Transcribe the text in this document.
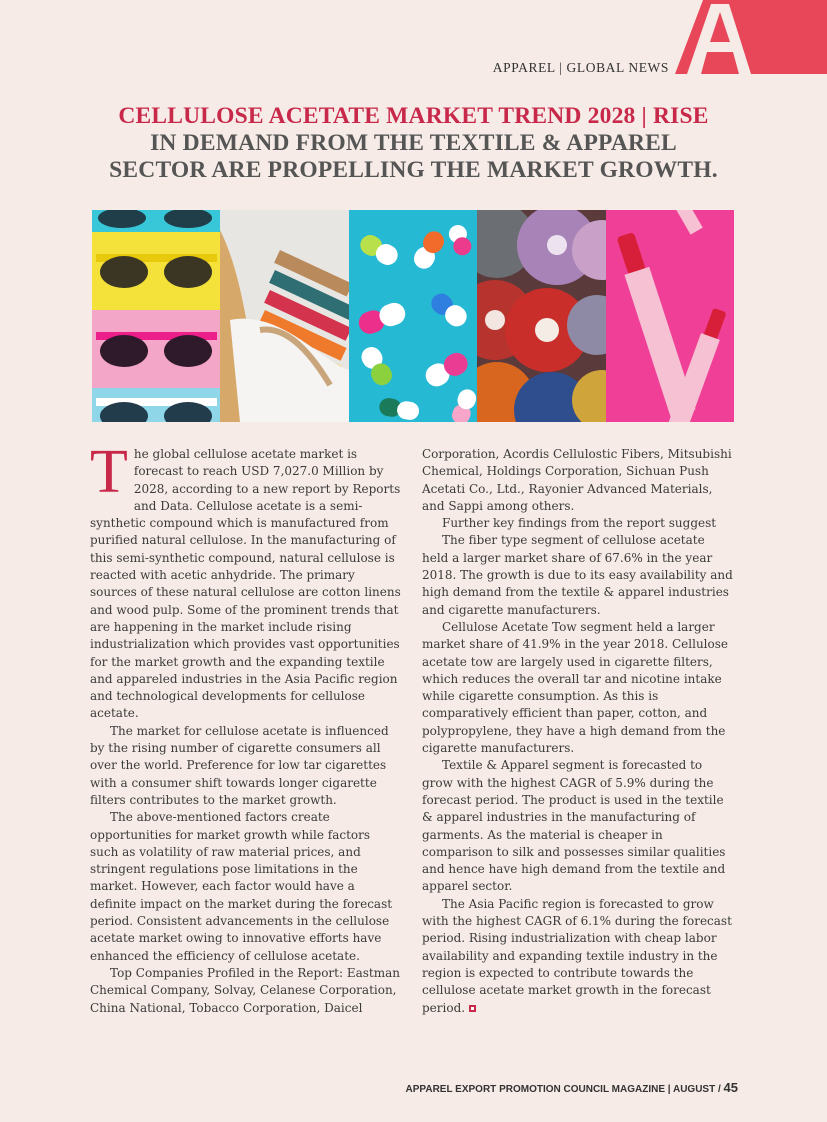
APPAREL | GLOBAL NEWS
CELLULOSE ACETATE MARKET TREND 2028 | RISE
IN DEMAND FROM THE TEXTILE & APPAREL
SECTOR ARE PROPELLING THE MARKET GROWTH.
T he global cellulose acetate market is forecast to reach USD 7,027.0 Million by 2028, according to a new report by Reports and Data. Cellulose acetate is a semi-synthetic compound which is manufactured from purified natural cellulose. In the manufacturing of this semi-synthetic compound, natural cellulose is reacted with acetic anhydride. The primary sources of these natural cellulose are cotton linens and wood pulp. Some of the prominent trends that are happening in the market include rising industrialization which provides vast opportunities for the market growth and the expanding textile and appareled industries in the Asia Pacific region and technological developments for cellulose acetate.

The market for cellulose acetate is influenced by the rising number of cigarette consumers all over the world. Preference for low tar cigarettes with a consumer shift towards longer cigarette filters contributes to the market growth.

The above-mentioned factors create opportunities for market growth while factors such as volatility of raw material prices, and stringent regulations pose limitations in the market. However, each factor would have a definite impact on the market during the forecast period. Consistent advancements in the cellulose acetate market owing to innovative efforts have enhanced the efficiency of cellulose acetate.

Top Companies Profiled in the Report: Eastman Chemical Company, Solvay, Celanese Corporation, China National, Tobacco Corporation, Daicel

Corporation, Acordis Cellulostic Fibers, Mitsubishi Chemical, Holdings Corporation, Sichuan Push Acetati Co., Ltd., Rayonier Advanced Materials, and Sappi among others.

Further key findings from the report suggest

The fiber type segment of cellulose acetate held a larger market share of 67.6% in the year 2018. The growth is due to its easy availability and high demand from the textile & apparel industries and cigarette manufacturers.

Cellulose Acetate Tow segment held a larger market share of 41.9% in the year 2018. Cellulose acetate tow are largely used in cigarette filters, which reduces the overall tar and nicotine intake while cigarette consumption. As this is comparatively efficient than paper, cotton, and polypropylene, they have a high demand from the cigarette manufacturers.

Textile & Apparel segment is forecasted to grow with the highest CAGR of 5.9% during the forecast period. The product is used in the textile & apparel industries in the manufacturing of garments. As the material is cheaper in comparison to silk and possesses similar qualities and hence have high demand from the textile and apparel sector.

The Asia Pacific region is forecasted to grow with the highest CAGR of 6.1% during the forecast period. Rising industrialization with cheap labor availability and expanding textile industry in the region is expected to contribute towards the cellulose acetate market growth in the forecast period.

APPAREL EXPORT PROMOTION COUNCIL MAGAZINE | AUGUST / 45
